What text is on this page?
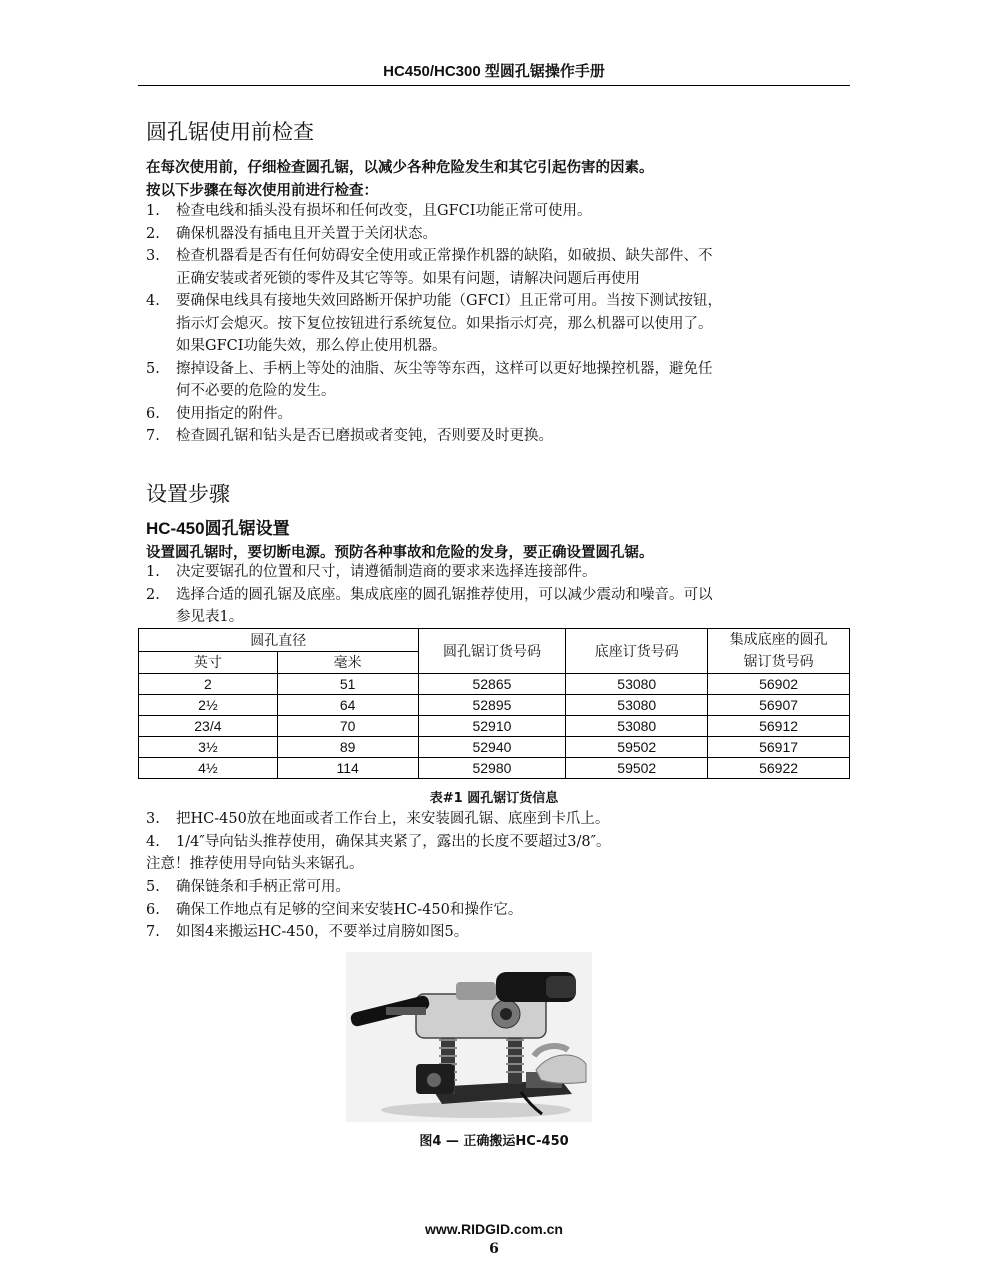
HC450/HC300 型圆孔锯操作手册
圆孔锯使用前检查
在每次使用前，仔细检查圆孔锯，以减少各种危险发生和其它引起伤害的因素。
按以下步骤在每次使用前进行检查：
1. 检查电线和插头没有损坏和任何改变，且GFCI功能正常可使用。
2. 确保机器没有插电且开关置于关闭状态。
3. 检查机器看是否有任何妨碍安全使用或正常操作机器的缺陷，如破损、缺失部件、不
正确安装或者死锁的零件及其它等等。如果有问题，请解决问题后再使用
4. 要确保电线具有接地失效回路断开保护功能（GFCI）且正常可用。当按下测试按钮，
指示灯会熄灭。按下复位按钮进行系统复位。如果指示灯亮，那么机器可以使用了。
如果GFCI功能失效，那么停止使用机器。
5. 擦掉设备上、手柄上等处的油脂、灰尘等等东西，这样可以更好地操控机器，避免任
何不必要的危险的发生。
6. 使用指定的附件。
7. 检查圆孔锯和钻头是否已磨损或者变钝，否则要及时更换。
设置步骤
HC-450圆孔锯设置
设置圆孔锯时，要切断电源。预防各种事故和危险的发身，要正确设置圆孔锯。
1. 决定要锯孔的位置和尺寸，请遵循制造商的要求来选择连接部件。
2. 选择合适的圆孔锯及底座。集成底座的圆孔锯推荐使用，可以减少震动和噪音。可以
参见表1。
圆孔直径		圆孔锯订货号码	底座订货号码	集成底座的圆孔
锯订货号码
英寸	毫米			
2	51	52865	53080	56902
2½	64	52895	53080	56907
23/4	70	52910	53080	56912
3½	89	52940	59502	56917
4½	114	52980	59502	56922
表#1 圆孔锯订货信息
3. 把HC-450放在地面或者工作台上，来安装圆孔锯、底座到卡爪上。
4. 1/4″导向钻头推荐使用，确保其夹紧了，露出的长度不要超过3/8″。
注意！推荐使用导向钻头来锯孔。
5. 确保链条和手柄正常可用。
6. 确保工作地点有足够的空间来安装HC-450和操作它。
7. 如图4来搬运HC-450，不要举过肩膀如图5。
图4 — 正确搬运HC-450
www.RIDGID.com.cn
6
